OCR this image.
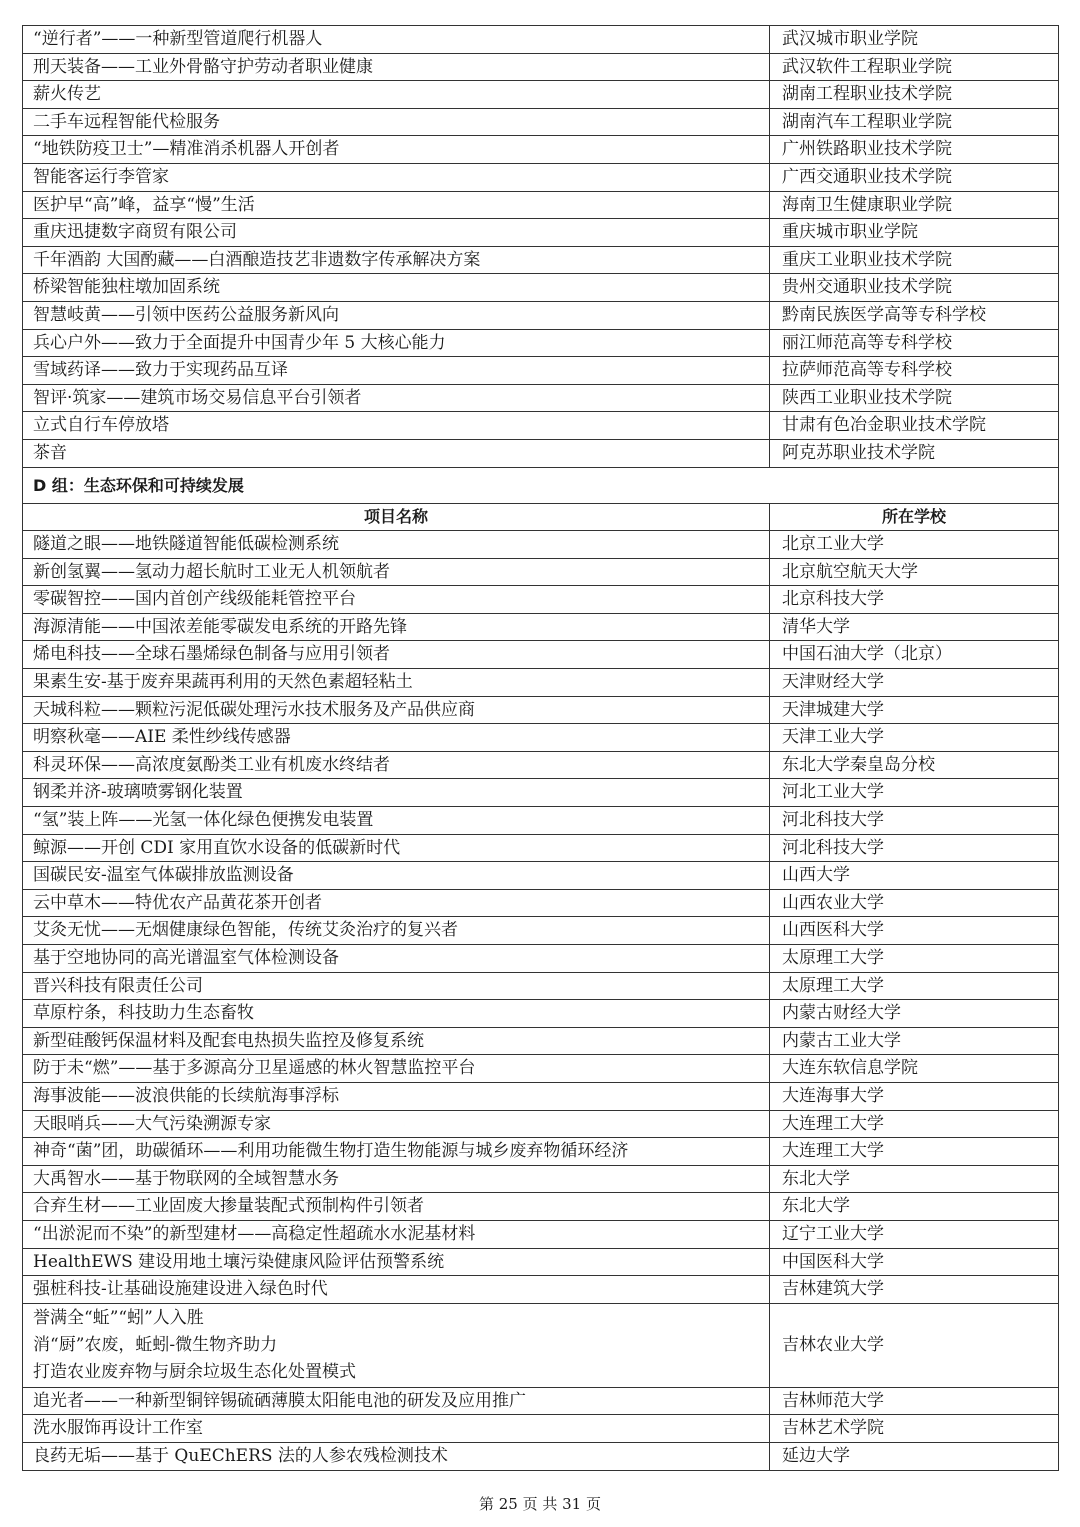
“逆行者”——一种新型管道爬行机器人	武汉城市职业学院
刑天装备——工业外骨骼守护劳动者职业健康	武汉软件工程职业学院
薪火传艺	湖南工程职业技术学院
二手车远程智能代检服务	湖南汽车工程职业学院
“地铁防疫卫士”—精准消杀机器人开创者	广州铁路职业技术学院
智能客运行李管家	广西交通职业技术学院
医护早“高”峰，益享“慢”生活	海南卫生健康职业学院
重庆迅捷数字商贸有限公司	重庆城市职业学院
千年酒韵 大国酌藏——白酒酿造技艺非遗数字传承解决方案	重庆工业职业技术学院
桥梁智能独柱墩加固系统	贵州交通职业技术学院
智慧岐黄——引领中医药公益服务新风向	黔南民族医学高等专科学校
兵心户外——致力于全面提升中国青少年 5 大核心能力	丽江师范高等专科学校
雪域药译——致力于实现药品互译	拉萨师范高等专科学校
智评·筑家——建筑市场交易信息平台引领者	陕西工业职业技术学院
立式自行车停放塔	甘肃有色冶金职业技术学院
茶音	阿克苏职业技术学院
D 组：生态环保和可持续发展	
项目名称	所在学校
隧道之眼——地铁隧道智能低碳检测系统	北京工业大学
新创氢翼——氢动力超长航时工业无人机领航者	北京航空航天大学
零碳智控——国内首创产线级能耗管控平台	北京科技大学
海源清能——中国浓差能零碳发电系统的开路先锋	清华大学
烯电科技——全球石墨烯绿色制备与应用引领者	中国石油大学（北京）
果素生安-基于废弃果蔬再利用的天然色素超轻粘土	天津财经大学
天城科粒——颗粒污泥低碳处理污水技术服务及产品供应商	天津城建大学
明察秋毫——AIE 柔性纱线传感器	天津工业大学
科灵环保——高浓度氨酚类工业有机废水终结者	东北大学秦皇岛分校
钢柔并济-玻璃喷雾钢化装置	河北工业大学
“氢”装上阵——光氢一体化绿色便携发电装置	河北科技大学
鲸源——开创 CDI 家用直饮水设备的低碳新时代	河北科技大学
国碳民安-温室气体碳排放监测设备	山西大学
云中草木——特优农产品黄花茶开创者	山西农业大学
艾灸无忧——无烟健康绿色智能，传统艾灸治疗的复兴者	山西医科大学
基于空地协同的高光谱温室气体检测设备	太原理工大学
晋兴科技有限责任公司	太原理工大学
草原柠条，科技助力生态畜牧	内蒙古财经大学
新型硅酸钙保温材料及配套电热损失监控及修复系统	内蒙古工业大学
防于未“燃”——基于多源高分卫星遥感的林火智慧监控平台	大连东软信息学院
海事波能——波浪供能的长续航海事浮标	大连海事大学
天眼哨兵——大气污染溯源专家	大连理工大学
神奇“菌”团，助碳循环——利用功能微生物打造生物能源与城乡废弃物循环经济	大连理工大学
大禹智水——基于物联网的全域智慧水务	东北大学
合弃生材——工业固废大掺量装配式预制构件引领者	东北大学
“出淤泥而不染”的新型建材——高稳定性超疏水水泥基材料	辽宁工业大学
HealthEWS 建设用地土壤污染健康风险评估预警系统	中国医科大学
强桩科技-让基础设施建设进入绿色时代	吉林建筑大学

誉满全“蚯”“蚓”人入胜
消“厨”农废，蚯蚓-微生物齐助力
打造农业废弃物与厨余垃圾生态化处置模式	吉林农业大学
追光者——一种新型铜锌锡硫硒薄膜太阳能电池的研发及应用推广	吉林师范大学
洗水服饰再设计工作室	吉林艺术学院
良药无垢——基于 QuEChERS 法的人参农残检测技术	延边大学
第 25 页 共 31 页
